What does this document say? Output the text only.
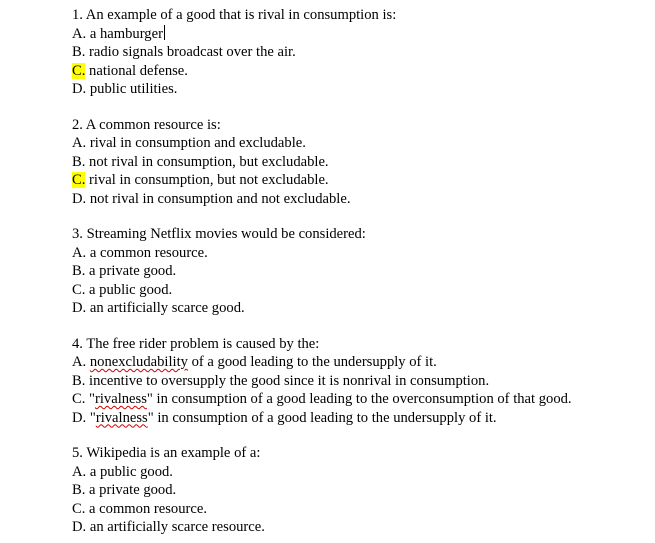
1. An example of a good that is rival in consumption is:
A. a hamburger
B. radio signals broadcast over the air.
C. national defense.
D. public utilities.
2. A common resource is:
A. rival in consumption and excludable.
B. not rival in consumption, but excludable.
C. rival in consumption, but not excludable.
D. not rival in consumption and not excludable.
3. Streaming Netflix movies would be considered:
A. a common resource.
B. a private good.
C. a public good.
D. an artificially scarce good.
4. The free rider problem is caused by the:
A. nonexcludability of a good leading to the undersupply of it.
B. incentive to oversupply the good since it is nonrival in consumption.
C. "rivalness" in consumption of a good leading to the overconsumption of that good.
D. "rivalness" in consumption of a good leading to the undersupply of it.
5. Wikipedia is an example of a:
A. a public good.
B. a private good.
C. a common resource.
D. an artificially scarce resource.
